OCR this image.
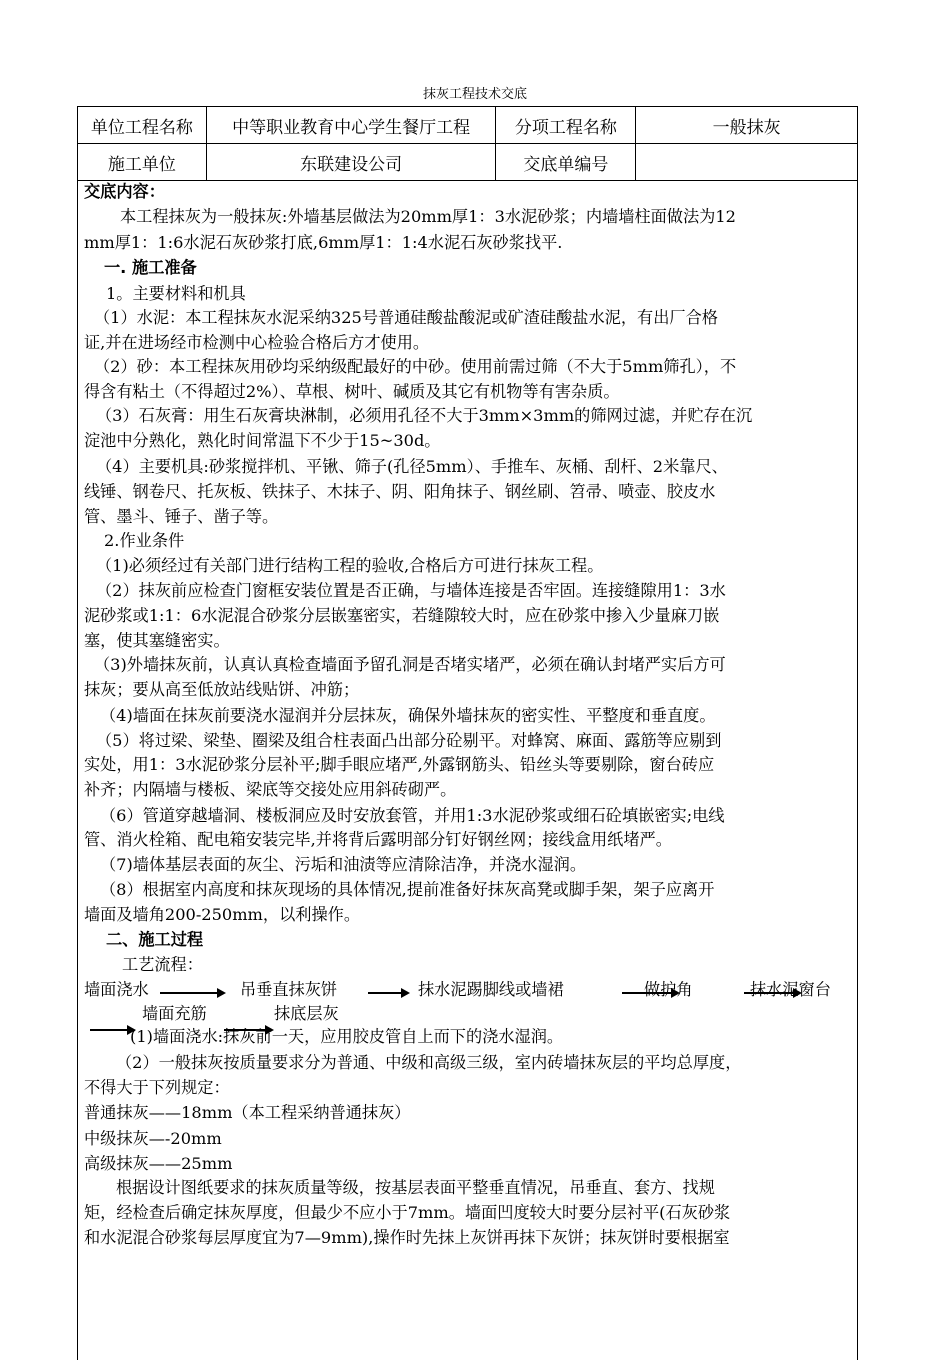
抹灰工程技术交底
单位工程名称	中等职业教育中心学生餐厅工程	分项工程名称	一般抹灰
施工单位	东联建设公司	交底单编号	
交底内容：
本工程抹灰为一般抹灰:外墙基层做法为20mm厚1：3水泥砂浆；内墙墙柱面做法为12
mm厚1：1:6水泥石灰砂浆打底,6mm厚1：1:4水泥石灰砂浆找平.
一. 施工准备
1。主要材料和机具
（1）水泥：本工程抹灰水泥采纳325号普通硅酸盐酸泥或矿渣硅酸盐水泥，有出厂合格
证,并在进场经市检测中心检验合格后方才使用。
（2）砂：本工程抹灰用砂均采纳级配最好的中砂。使用前需过筛（不大于5mm筛孔），不
得含有粘土（不得超过2%）、草根、树叶、碱质及其它有机物等有害杂质。
（3）石灰膏：用生石灰膏块淋制，必须用孔径不大于3mm×3mm的筛网过滤，并贮存在沉
淀池中分熟化，熟化时间常温下不少于15~30d。
（4）主要机具:砂浆搅拌机、平锹、筛子(孔径5mm）、手推车、灰桶、刮杆、2米靠尺、
线锤、钢卷尺、托灰板、铁抹子、木抹子、阴、阳角抹子、钢丝刷、笤帚、喷壶、胶皮水
管、墨斗、锤子、凿子等。
2.作业条件
（1)必须经过有关部门进行结构工程的验收,合格后方可进行抹灰工程。
（2）抹灰前应检查门窗框安装位置是否正确，与墙体连接是否牢固。连接缝隙用1：3水
泥砂浆或1:1：6水泥混合砂浆分层嵌塞密实，若缝隙较大时，应在砂浆中掺入少量麻刀嵌
塞，使其塞缝密实。
（3)外墙抹灰前，认真认真检查墙面予留孔洞是否堵实堵严，必须在确认封堵严实后方可
抹灰；要从高至低放站线贴饼、冲筋；
（4)墙面在抹灰前要浇水湿润并分层抹灰，确保外墙抹灰的密实性、平整度和垂直度。
（5）将过梁、梁垫、圈梁及组合柱表面凸出部分砼剔平。对蜂窝、麻面、露筋等应剔到
实处，用1：3水泥砂浆分层补平;脚手眼应堵严,外露钢筋头、铅丝头等要剔除，窗台砖应
补齐；内隔墙与楼板、梁底等交接处应用斜砖砌严。
（6）管道穿越墙洞、楼板洞应及时安放套管，并用1:3水泥砂浆或细石砼填嵌密实;电线
管、消火栓箱、配电箱安装完毕,并将背后露明部分钉好钢丝网；接线盒用纸堵严。
（7)墙体基层表面的灰尘、污垢和油渍等应清除洁净，并浇水湿润。
（8）根据室内高度和抹灰现场的具体情况,提前准备好抹灰高凳或脚手架，架子应离开
墙面及墙角200-250mm，以利操作。
二、施工过程
工艺流程：
墙面浇水	吊垂直抹灰饼	抹水泥踢脚线或墙裙	做护角	抹水泥窗台
墙面充筋	抹底层灰
(1)墙面浇水:抹灰前一天，应用胶皮管自上而下的浇水湿润。
（2）一般抹灰按质量要求分为普通、中级和高级三级，室内砖墙抹灰层的平均总厚度，
不得大于下列规定：
普通抹灰——18mm（本工程采纳普通抹灰）
中级抹灰—-20mm
高级抹灰——25mm
根据设计图纸要求的抹灰质量等级，按基层表面平整垂直情况，吊垂直、套方、找规
矩，经检查后确定抹灰厚度，但最少不应小于7mm。墙面凹度较大时要分层衬平(石灰砂浆
和水泥混合砂浆每层厚度宜为7—9mm),操作时先抹上灰饼再抹下灰饼；抹灰饼时要根据室
